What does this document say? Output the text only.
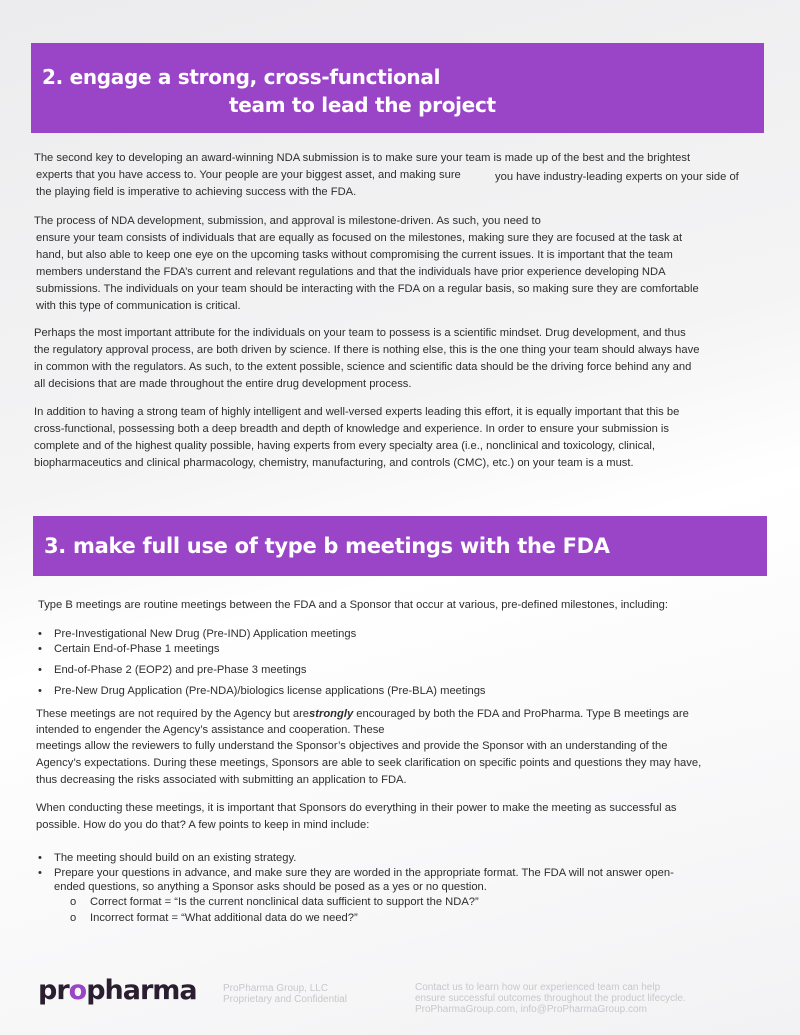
2. engage a strong, cross-functional
team to lead the project
The second key to developing an award-winning NDA submission is to make sure your team is made up of the best and the brightest
experts that you have access to. Your people are your biggest asset, and making sure	you have industry-leading experts on your side of
the playing field is imperative to achieving success with the FDA.
The process of NDA development, submission, and approval is milestone-driven. As such, you need to
ensure your team consists of individuals that are equally as focused on the milestones, making sure they are focused at the task at
hand, but also able to keep one eye on the upcoming tasks without compromising the current issues. It is important that the team
members understand the FDA’s current and relevant regulations and that the individuals have prior experience developing NDA
submissions. The individuals on your team should be interacting with the FDA on a regular basis, so making sure they are comfortable
with this type of communication is critical.
Perhaps the most important attribute for the individuals on your team to possess is a scientific mindset. Drug development, and thus
the regulatory approval process, are both driven by science. If there is nothing else, this is the one thing your team should always have
in common with the regulators. As such, to the extent possible, science and scientific data should be the driving force behind any and
all decisions that are made throughout the entire drug development process.
In addition to having a strong team of highly intelligent and well-versed experts leading this effort, it is equally important that this be
cross-functional, possessing both a deep breadth and depth of knowledge and experience. In order to ensure your submission is
complete and of the highest quality possible, having experts from every specialty area (i.e., nonclinical and toxicology, clinical,
biopharmaceutics and clinical pharmacology, chemistry, manufacturing, and controls (CMC), etc.) on your team is a must.
3. make full use of type b meetings with the FDA
Type B meetings are routine meetings between the FDA and a Sponsor that occur at various, pre-defined milestones, including:
• Pre-Investigational New Drug (Pre-IND) Application meetings
• Certain End-of-Phase 1 meetings
• End-of-Phase 2 (EOP2) and pre-Phase 3 meetings
• Pre-New Drug Application (Pre-NDA)/biologics license applications (Pre-BLA) meetings
These meetings are not required by the Agency but arestrongly encouraged by both the FDA and ProPharma. Type B meetings are
intended to engender the Agency’s assistance and cooperation. These
meetings allow the reviewers to fully understand the Sponsor’s objectives and provide the Sponsor with an understanding of the
Agency’s expectations. During these meetings, Sponsors are able to seek clarification on specific points and questions they may have,
thus decreasing the risks associated with submitting an application to FDA.
When conducting these meetings, it is important that Sponsors do everything in their power to make the meeting as successful as
possible. How do you do that? A few points to keep in mind include:
• The meeting should build on an existing strategy.
• Prepare your questions in advance, and make sure they are worded in the appropriate format. The FDA will not answer open-
ended questions, so anything a Sponsor asks should be posed as a yes or no question.
o Correct format = “Is the current nonclinical data sufficient to support the NDA?”
o Incorrect format = “What additional data do we need?”
propharma	ProPharma Group, LLC
Proprietary and Confidential
Contact us to learn how our experienced team can help
ensure successful outcomes throughout the product lifecycle.
ProPharmaGroup.com, info@ProPharmaGroup.com
